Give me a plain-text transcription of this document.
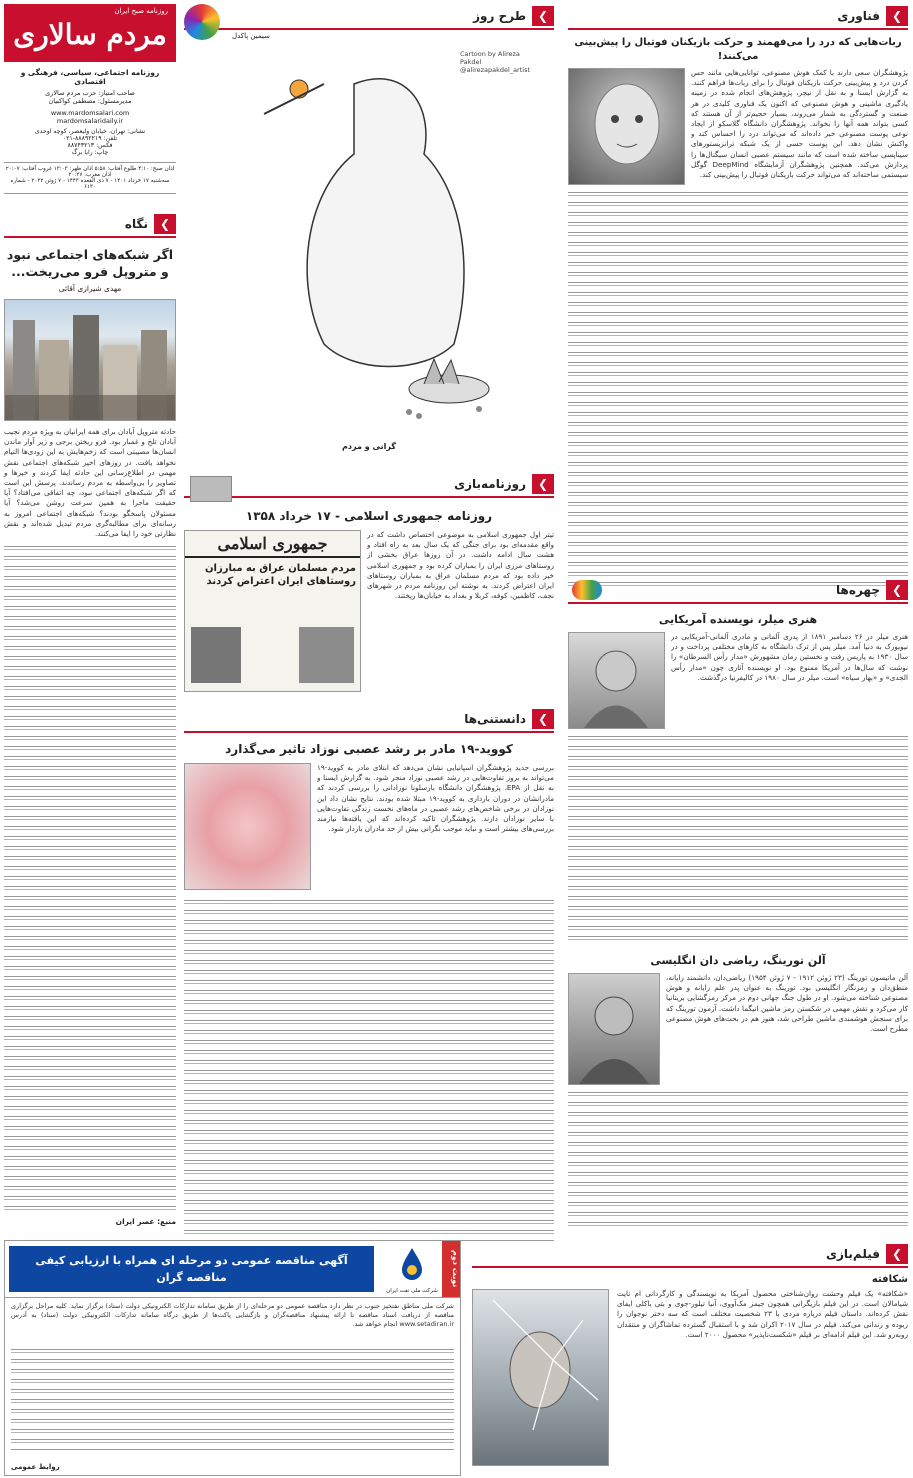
روزنامه صبح ایران
مردم سالاری
روزنامه اجتماعی، سیاسی، فرهنگی و اقتصادی
صاحب امتیاز: حزب مردم سالاری
مدیرمسئول: مصطفی کواکبیان
www.mardomsalari.com
mardomsalaridaily.ir
نشانی: تهران، خیابان ولیعصر، کوچه اوحدی
تلفن: ۸۸۸۹۲۲۱۹-۰۲۱
فکس: ۸۸۷۴۳۲۱۳
چاپ: رایا برگ
اذان صبح: ۴:۱۰ طلوع آفتاب: ۵:۵۸ اذان ظهر: ۱۳:۰۳ غروب آفتاب: ۲۰:۰۷ اذان مغرب: ۲۰:۲۷
سه‌شنبه ۱۷ خرداد ۱۴۰۱ - ۷ ذی القعده ۱۴۴۳ - ۷ ژوئن ۲۰۲۲ - شماره ۶۱۳۰
❯
نگاه
اگر شبکه‌های اجتماعی نبود و متروپل فرو می‌ریخت...
مهدی شیرازی آقائی
حادثه متروپل آبادان برای همه ایرانیان به ویژه مردم نجیب آبادان تلخ و غمبار بود. فرو ریختن برجی و زیر آوار ماندن انسان‌ها مصیبتی است که زخم‌هایش به این زودی‌ها التیام نخواهد یافت. در روزهای اخیر شبکه‌های اجتماعی نقش مهمی در اطلاع‌رسانی این حادثه ایفا کردند و خبرها و تصاویر را بی‌واسطه به مردم رساندند. پرسش این است که اگر شبکه‌های اجتماعی نبود، چه اتفاقی می‌افتاد؟ آیا حقیقت ماجرا به همین سرعت روشن می‌شد؟ آیا مسئولان پاسخگو بودند؟ شبکه‌های اجتماعی امروز به رسانه‌ای برای مطالبه‌گری مردم تبدیل شده‌اند و نقش نظارتی خود را ایفا می‌کنند.
منبع: عصر ایران
❯
طرح روز
سیمین پاکدل
Cartoon by Alireza Pakdel @alirezapakdel_artist
گرانی و مردم
❯
فناوری
ربات‌هایی که درد را می‌فهمند و حرکت بازیکنان فوتبال را پیش‌بینی می‌کنند!
پژوهشگران سعی دارند با کمک هوش مصنوعی، توانایی‌هایی مانند حس کردن درد و پیش‌بینی حرکت بازیکنان فوتبال را برای ربات‌ها فراهم کنند. به گزارش ایسنا و به نقل از نیچر، پژوهش‌های انجام شده در زمینه یادگیری ماشینی و هوش مصنوعی که اکنون یک فناوری کلیدی در هر صنعت و گستردگی به شمار می‌روند، بسیار حجیم‌تر از آن هستند که کسی بتواند همه آنها را بخواند. پژوهشگران دانشگاه گلاسکو از ایجاد نوعی پوست مصنوعی خبر داده‌اند که می‌تواند درد را احساس کند و واکنش نشان دهد. این پوست حسی از یک شبکه ترانزیستورهای سیناپسی ساخته شده است که مانند سیستم عصبی انسان سیگنال‌ها را پردازش می‌کند. همچنین پژوهشگران آزمایشگاه DeepMind گوگل سیستمی ساخته‌اند که می‌تواند حرکت بازیکنان فوتبال را پیش‌بینی کند.
❯
روزنامه‌بازی
روزنامه جمهوری اسلامی - ۱۷ خرداد ۱۳۵۸
تیتر اول جمهوری اسلامی به موضوعی اختصاص داشت که در واقع مقدمه‌ای بود برای جنگی که یک سال بعد به راه افتاد و هشت سال ادامه داشت. در آن روزها عراق بخشی از روستاهای مرزی ایران را بمباران کرده بود و جمهوری اسلامی خبر داده بود که مردم مسلمان عراق به بمباران روستاهای ایران اعتراض کردند. به نوشته این روزنامه مردم در شهرهای نجف، کاظمین، کوفه، کربلا و بغداد به خیابان‌ها ریختند.
جمهوری اسلامی
مردم مسلمان عراق به مبارزان روستاهای ایران اعتراض کردند
❯
دانستنی‌ها
کووید-۱۹ مادر بر رشد عصبی نوزاد تاثیر می‌گذارد
بررسی جدید پژوهشگران اسپانیایی نشان می‌دهد که ابتلای مادر به کووید-۱۹ می‌تواند به بروز تفاوت‌هایی در رشد عصبی نوزاد منجر شود. به گزارش ایسنا و به نقل از EPA، پژوهشگران دانشگاه بارسلونا نوزادانی را بررسی کردند که مادرانشان در دوران بارداری به کووید-۱۹ مبتلا شده بودند. نتایج نشان داد این نوزادان در برخی شاخص‌های رشد عصبی در ماه‌های نخست زندگی تفاوت‌هایی با سایر نوزادان دارند. پژوهشگران تاکید کرده‌اند که این یافته‌ها نیازمند بررسی‌های بیشتر است و نباید موجب نگرانی بیش از حد مادران باردار شود.
❯
چهره‌ها
هنری میلر، نویسنده آمریکایی
هنری میلر در ۲۶ دسامبر ۱۸۹۱ از پدری آلمانی و مادری آلمانی-آمریکایی در نیویورک به دنیا آمد. میلر پس از ترک دانشگاه به کارهای مختلفی پرداخت و در سال ۱۹۳۰ به پاریس رفت و نخستین رمان مشهورش «مدار رأس السرطان» را نوشت که سال‌ها در آمریکا ممنوع بود. او نویسنده آثاری چون «مدار رأس الجدی» و «بهار سیاه» است. میلر در سال ۱۹۸۰ در کالیفرنیا درگذشت.
آلن تورینگ، ریاضی دان انگلیسی
آلن ماتیسون تورینگ (۲۳ ژوئن ۱۹۱۲ - ۷ ژوئن ۱۹۵۴) ریاضی‌دان، دانشمند رایانه، منطق‌دان و رمزنگار انگلیسی بود. تورینگ به عنوان پدر علم رایانه و هوش مصنوعی شناخته می‌شود. او در طول جنگ جهانی دوم در مرکز رمزگشایی بریتانیا کار می‌کرد و نقش مهمی در شکستن رمز ماشین انیگما داشت. آزمون تورینگ که برای سنجش هوشمندی ماشین طراحی شد، هنوز هم در بحث‌های هوش مصنوعی مطرح است.
نوبت دوم
شرکت ملی نفت ایران
آگهی مناقصه عمومی دو مرحله ای همراه با ارزیابی کیفی مناقصه گران
شرکت ملی مناطق نفتخیز جنوب در نظر دارد مناقصه عمومی دو مرحله‌ای را از طریق سامانه تدارکات الکترونیکی دولت (ستاد) برگزار نماید. کلیه مراحل برگزاری مناقصه از دریافت اسناد مناقصه تا ارائه پیشنهاد مناقصه‌گران و بازگشایی پاکت‌ها از طریق درگاه سامانه تدارکات الکترونیکی دولت (ستاد) به آدرس www.setadiran.ir انجام خواهد شد.
روابط عمومی
❯
فیلم‌بازی
شکافته
«شکافته» یک فیلم وحشت روان‌شناختی محصول آمریکا به نویسندگی و کارگردانی ام نایت شیامالان است. در این فیلم بازیگرانی همچون جیمز مک‌آووی، آنیا تیلور-جوی و بتی باکلی ایفای نقش کرده‌اند. داستان فیلم درباره مردی با ۲۳ شخصیت مختلف است که سه دختر نوجوان را ربوده و زندانی می‌کند. فیلم در سال ۲۰۱۷ اکران شد و با استقبال گسترده تماشاگران و منتقدان روبه‌رو شد. این فیلم ادامه‌ای بر فیلم «شکست‌ناپذیر» محصول ۲۰۰۰ است.
